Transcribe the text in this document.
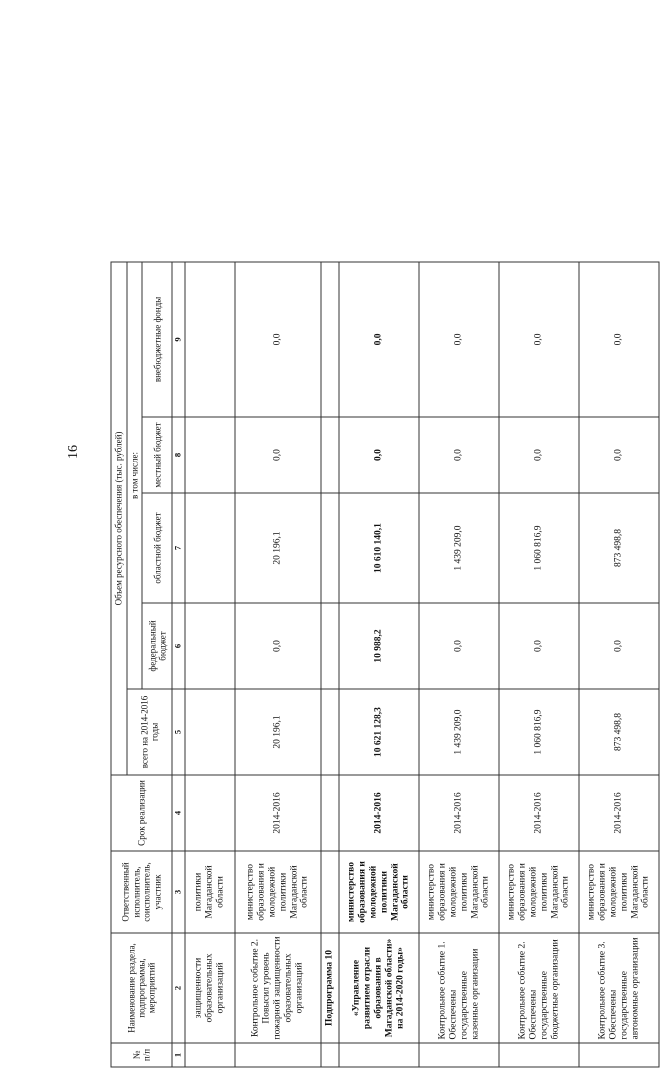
16
№ п/п	Наименование раздела, подпрограммы, мероприятий	Ответственный исполнитель, соисполнитель, участник	Срок реализации	Объем ресурсного обеспечения (тыс. рублей)				
				всего на 2014-2016 годы	в том числе:			
					федеральный бюджет	областной бюджет	местный бюджет	внебюджетные фонды
1	2	3	4	5	6	7	8	9
	защищенности образовательных организаций	политики Магаданской области						
	Контрольное событие 2. Повысил уровень пожарной защищенности образовательных организаций	министерство образования и молодежной политики Магаданской области	2014-2016	20 196,1	0,0	20 196,1	0,0	0,0
	Подпрограмма 10							
	«Управление развитием отрасли образования в Магаданской области» на 2014-2020 годы»	министерство образования и молодежной политики Магаданской области	2014-2016	10 621 128,3	10 988,2	10 610 140,1	0,0	0,0
	Контрольное событие 1. Обеспечены государственные казенные организации	министерство образования и молодежной политики Магаданской области	2014-2016	1 439 209,0	0,0	1 439 209,0	0,0	0,0
	Контрольное событие 2. Обеспечены государственные бюджетные организации	министерство образования и молодежной политики Магаданской области	2014-2016	1 060 816,9	0,0	1 060 816,9	0,0	0,0
	Контрольное событие 3. Обеспечены государственные автономные организации	министерство образования и молодежной политики Магаданской области	2014-2016	873 498,8	0,0	873 498,8	0,0	0,0
